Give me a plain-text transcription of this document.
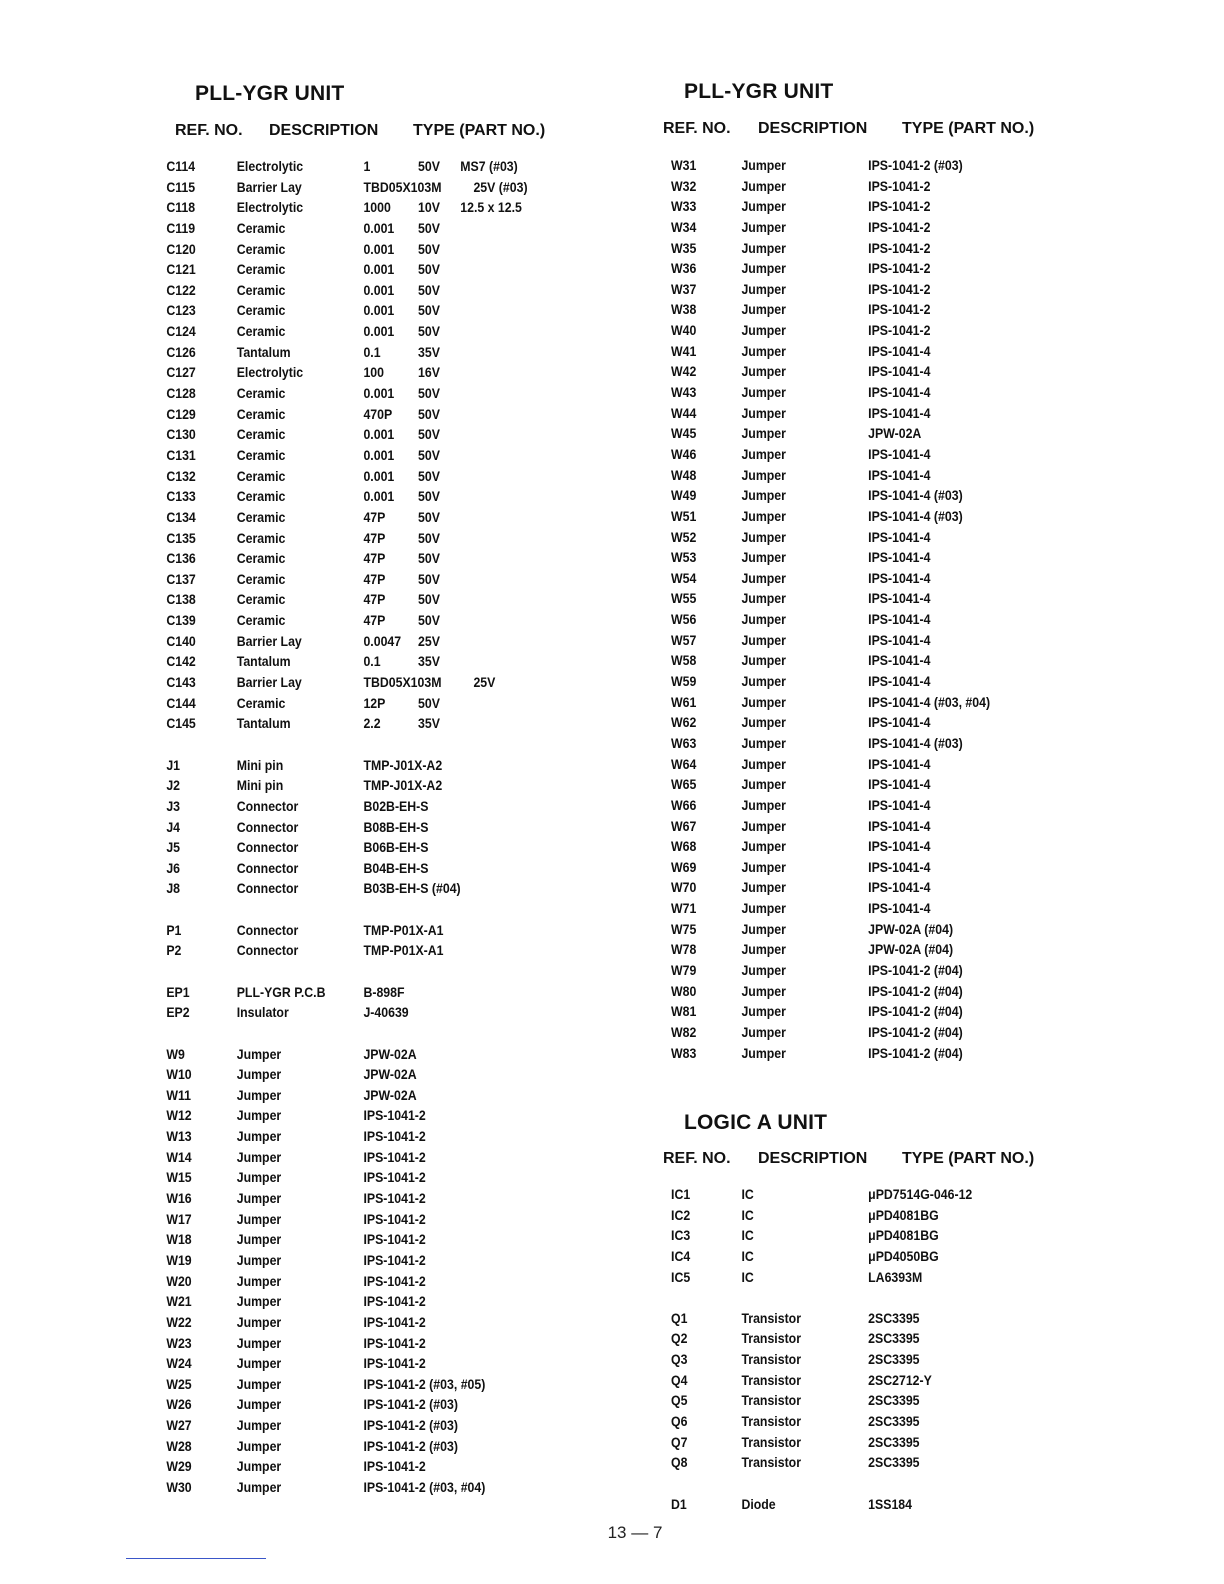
PLL-YGR UNIT
REF. NO. DESCRIPTION TYPE (PART NO.)
C114	Electrolytic	1	50V MS7 (#03)
C115	Barrier Lay	TBD05X103M 25V (#03)
C118	Electrolytic	1000 10V 12.5 x 12.5
C119	Ceramic	0.001 50V
C120	Ceramic	0.001 50V
C121	Ceramic	0.001 50V
C122	Ceramic	0.001 50V
C123	Ceramic	0.001 50V
C124	Ceramic	0.001 50V
C126	Tantalum	0.1	35V
C127	Electrolytic	100 16V
C128	Ceramic	0.001 50V
C129	Ceramic	470P 50V
C130	Ceramic	0.001 50V
C131	Ceramic	0.001 50V
C132	Ceramic	0.001 50V
C133	Ceramic	0.001 50V
C134	Ceramic	47P 50V
C135	Ceramic	47P 50V
C136	Ceramic	47P 50V
C137	Ceramic	47P 50V
C138	Ceramic	47P 50V
C139	Ceramic	47P 50V
C140	Barrier Lay	0.0047 25V
C142	Tantalum	0.1	35V
C143	Barrier Lay	TBD05X103M 25V
C144	Ceramic	12P 50V
C145	Tantalum	2.2	35V
J1	Mini pin	TMP-J01X-A2
J2	Mini pin	TMP-J01X-A2
J3	Connector	B02B-EH-S
J4	Connector	B08B-EH-S
J5	Connector	B06B-EH-S
J6	Connector	B04B-EH-S
J8	Connector	B03B-EH-S (#04)
P1	Connector	TMP-P01X-A1
P2	Connector	TMP-P01X-A1
EP1	PLL-YGR P.C.B	B-898F
EP2	Insulator	J-40639
W9	Jumper	JPW-02A
W10	Jumper	JPW-02A
W11	Jumper	JPW-02A
W12	Jumper	IPS-1041-2
W13	Jumper	IPS-1041-2
W14	Jumper	IPS-1041-2
W15	Jumper	IPS-1041-2
W16	Jumper	IPS-1041-2
W17	Jumper	IPS-1041-2
W18	Jumper	IPS-1041-2
W19	Jumper	IPS-1041-2
W20	Jumper	IPS-1041-2
W21	Jumper	IPS-1041-2
W22	Jumper	IPS-1041-2
W23	Jumper	IPS-1041-2
W24	Jumper	IPS-1041-2
W25	Jumper	IPS-1041-2 (#03, #05)
W26	Jumper	IPS-1041-2 (#03)
W27	Jumper	IPS-1041-2 (#03)
W28	Jumper	IPS-1041-2 (#03)
W29	Jumper	IPS-1041-2
W30	Jumper	IPS-1041-2 (#03, #04)
PLL-YGR UNIT
REF. NO. DESCRIPTION TYPE (PART NO.)
W31	Jumper	IPS-1041-2 (#03)
W32	Jumper	IPS-1041-2
W33	Jumper	IPS-1041-2
W34	Jumper	IPS-1041-2
W35	Jumper	IPS-1041-2
W36	Jumper	IPS-1041-2
W37	Jumper	IPS-1041-2
W38	Jumper	IPS-1041-2
W40	Jumper	IPS-1041-2
W41	Jumper	IPS-1041-4
W42	Jumper	IPS-1041-4
W43	Jumper	IPS-1041-4
W44	Jumper	IPS-1041-4
W45	Jumper	JPW-02A
W46	Jumper	IPS-1041-4
W48	Jumper	IPS-1041-4
W49	Jumper	IPS-1041-4 (#03)
W51	Jumper	IPS-1041-4 (#03)
W52	Jumper	IPS-1041-4
W53	Jumper	IPS-1041-4
W54	Jumper	IPS-1041-4
W55	Jumper	IPS-1041-4
W56	Jumper	IPS-1041-4
W57	Jumper	IPS-1041-4
W58	Jumper	IPS-1041-4
W59	Jumper	IPS-1041-4
W61	Jumper	IPS-1041-4 (#03, #04)
W62	Jumper	IPS-1041-4
W63	Jumper	IPS-1041-4 (#03)
W64	Jumper	IPS-1041-4
W65	Jumper	IPS-1041-4
W66	Jumper	IPS-1041-4
W67	Jumper	IPS-1041-4
W68	Jumper	IPS-1041-4
W69	Jumper	IPS-1041-4
W70	Jumper	IPS-1041-4
W71	Jumper	IPS-1041-4
W75	Jumper	JPW-02A (#04)
W78	Jumper	JPW-02A (#04)
W79	Jumper	IPS-1041-2 (#04)
W80	Jumper	IPS-1041-2 (#04)
W81	Jumper	IPS-1041-2 (#04)
W82	Jumper	IPS-1041-2 (#04)
W83	Jumper	IPS-1041-2 (#04)
LOGIC A UNIT
REF. NO. DESCRIPTION TYPE (PART NO.)
IC1	IC	μPD7514G-046-12
IC2	IC	μPD4081BG
IC3	IC	μPD4081BG
IC4	IC	μPD4050BG
IC5	IC	LA6393M
Q1	Transistor	2SC3395
Q2	Transistor	2SC3395
Q3	Transistor	2SC3395
Q4	Transistor	2SC2712-Y
Q5	Transistor	2SC3395
Q6	Transistor	2SC3395
Q7	Transistor	2SC3395
Q8	Transistor	2SC3395
D1	Diode	1SS184
13 — 7
